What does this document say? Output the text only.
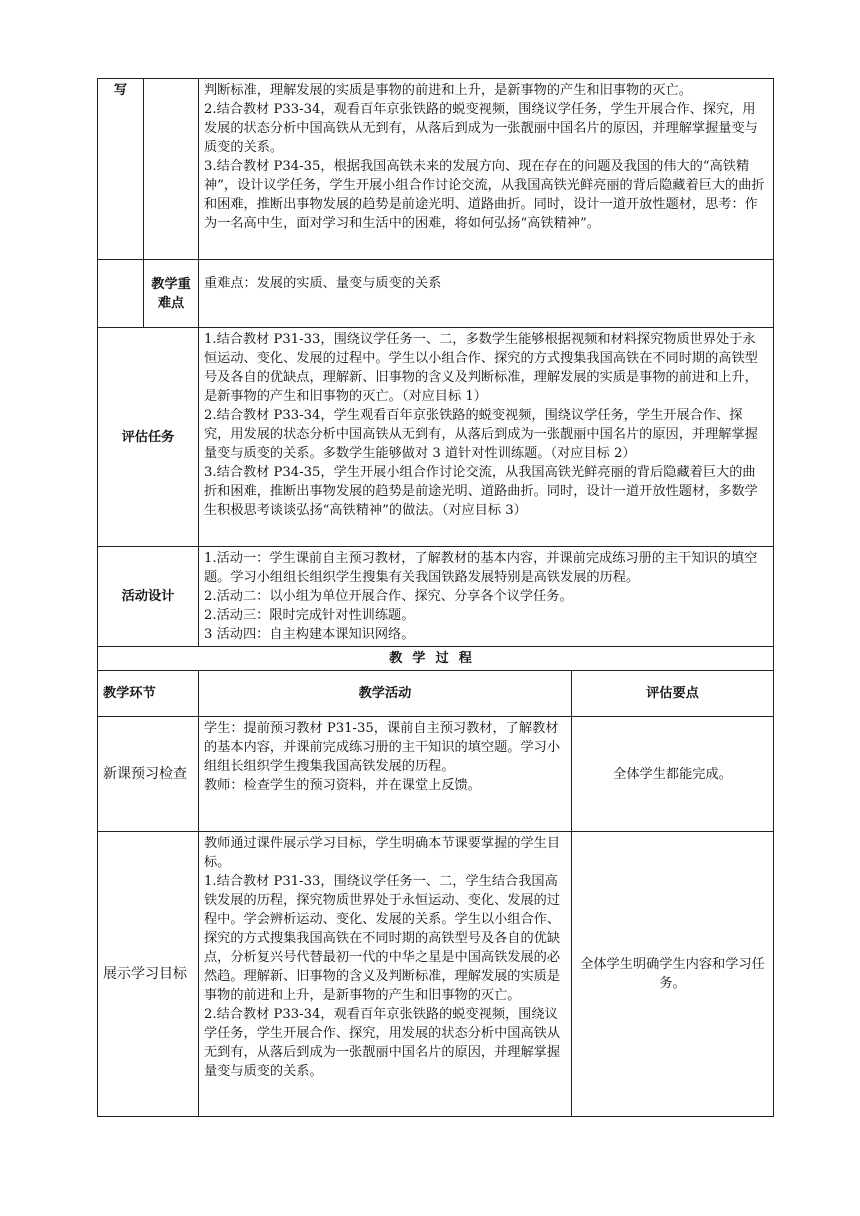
写		判断标准，理解发展的实质是事物的前进和上升，是新事物的产生和旧事物的灭亡。

2.结合教材 P33-34，观看百年京张铁路的蜕变视频，围绕议学任务，学生开展合作、探究，用发展的状态分析中国高铁从无到有，从落后到成为一张靓丽中国名片的原因，并理解掌握量变与质变的关系。

3.结合教材 P34-35，根据我国高铁未来的发展方向、现在存在的问题及我国的伟大的“高铁精神”，设计议学任务，学生开展小组合作讨论交流，从我国高铁光鲜亮丽的背后隐藏着巨大的曲折和困难，推断出事物发展的趋势是前途光明、道路曲折。同时，设计一道开放性题材，思考：作为一名高中生，面对学习和生活中的困难，将如何弘扬“高铁精神”。	

	教学重难点	重难点：发展的实质、量变与质变的关系	
评估任务		1.结合教材 P31-33，围绕议学任务一、二，多数学生能够根据视频和材料探究物质世界处于永恒运动、变化、发展的过程中。学生以小组合作、探究的方式搜集我国高铁在不同时期的高铁型号及各自的优缺点，理解新、旧事物的含义及判断标准，理解发展的实质是事物的前进和上升，是新事物的产生和旧事物的灭亡。（对应目标 1）

2.结合教材 P33-34，学生观看百年京张铁路的蜕变视频，围绕议学任务，学生开展合作、探究，用发展的状态分析中国高铁从无到有，从落后到成为一张靓丽中国名片的原因，并理解掌握量变与质变的关系。多数学生能够做对 3 道针对性训练题。（对应目标 2）

3.结合教材 P34-35，学生开展小组合作讨论交流，从我国高铁光鲜亮丽的背后隐藏着巨大的曲折和困难，推断出事物发展的趋势是前途光明、道路曲折。同时，设计一道开放性题材，多数学生积极思考谈谈弘扬“高铁精神”的做法。（对应目标 3）	

活动设计		1.活动一：学生课前自主预习教材，了解教材的基本内容，并课前完成练习册的主干知识的填空题。学习小组组长组织学生搜集有关我国铁路发展特别是高铁发展的历程。

2.活动二：以小组为单位开展合作、探究、分享各个议学任务。

2.活动三：限时完成针对性训练题。

3 活动四：自主构建本课知识网络。	

教学过程			
教学环节		教学活动	评估要点
新课预习检查		学生：提前预习教材 P31-35，课前自主预习教材，了解教材的基本内容，并课前完成练习册的主干知识的填空题。学习小组组长组织学生搜集我国高铁发展的历程。

教师：检查学生的预习资料，并在课堂上反馈。	全体学生都能完成。
展示学习目标		教师通过课件展示学习目标，学生明确本节课要掌握的学生目标。

1.结合教材 P31-33，围绕议学任务一、二，学生结合我国高铁发展的历程，探究物质世界处于永恒运动、变化、发展的过程中。学会辨析运动、变化、发展的关系。学生以小组合作、探究的方式搜集我国高铁在不同时期的高铁型号及各自的优缺点，分析复兴号代替最初一代的中华之星是中国高铁发展的必然趋。理解新、旧事物的含义及判断标准，理解发展的实质是事物的前进和上升，是新事物的产生和旧事物的灭亡。

2.结合教材 P33-34，观看百年京张铁路的蜕变视频，围绕议学任务，学生开展合作、探究，用发展的状态分析中国高铁从无到有，从落后到成为一张靓丽中国名片的原因，并理解掌握量变与质变的关系。	全体学生明确学生内容和学习任务。
